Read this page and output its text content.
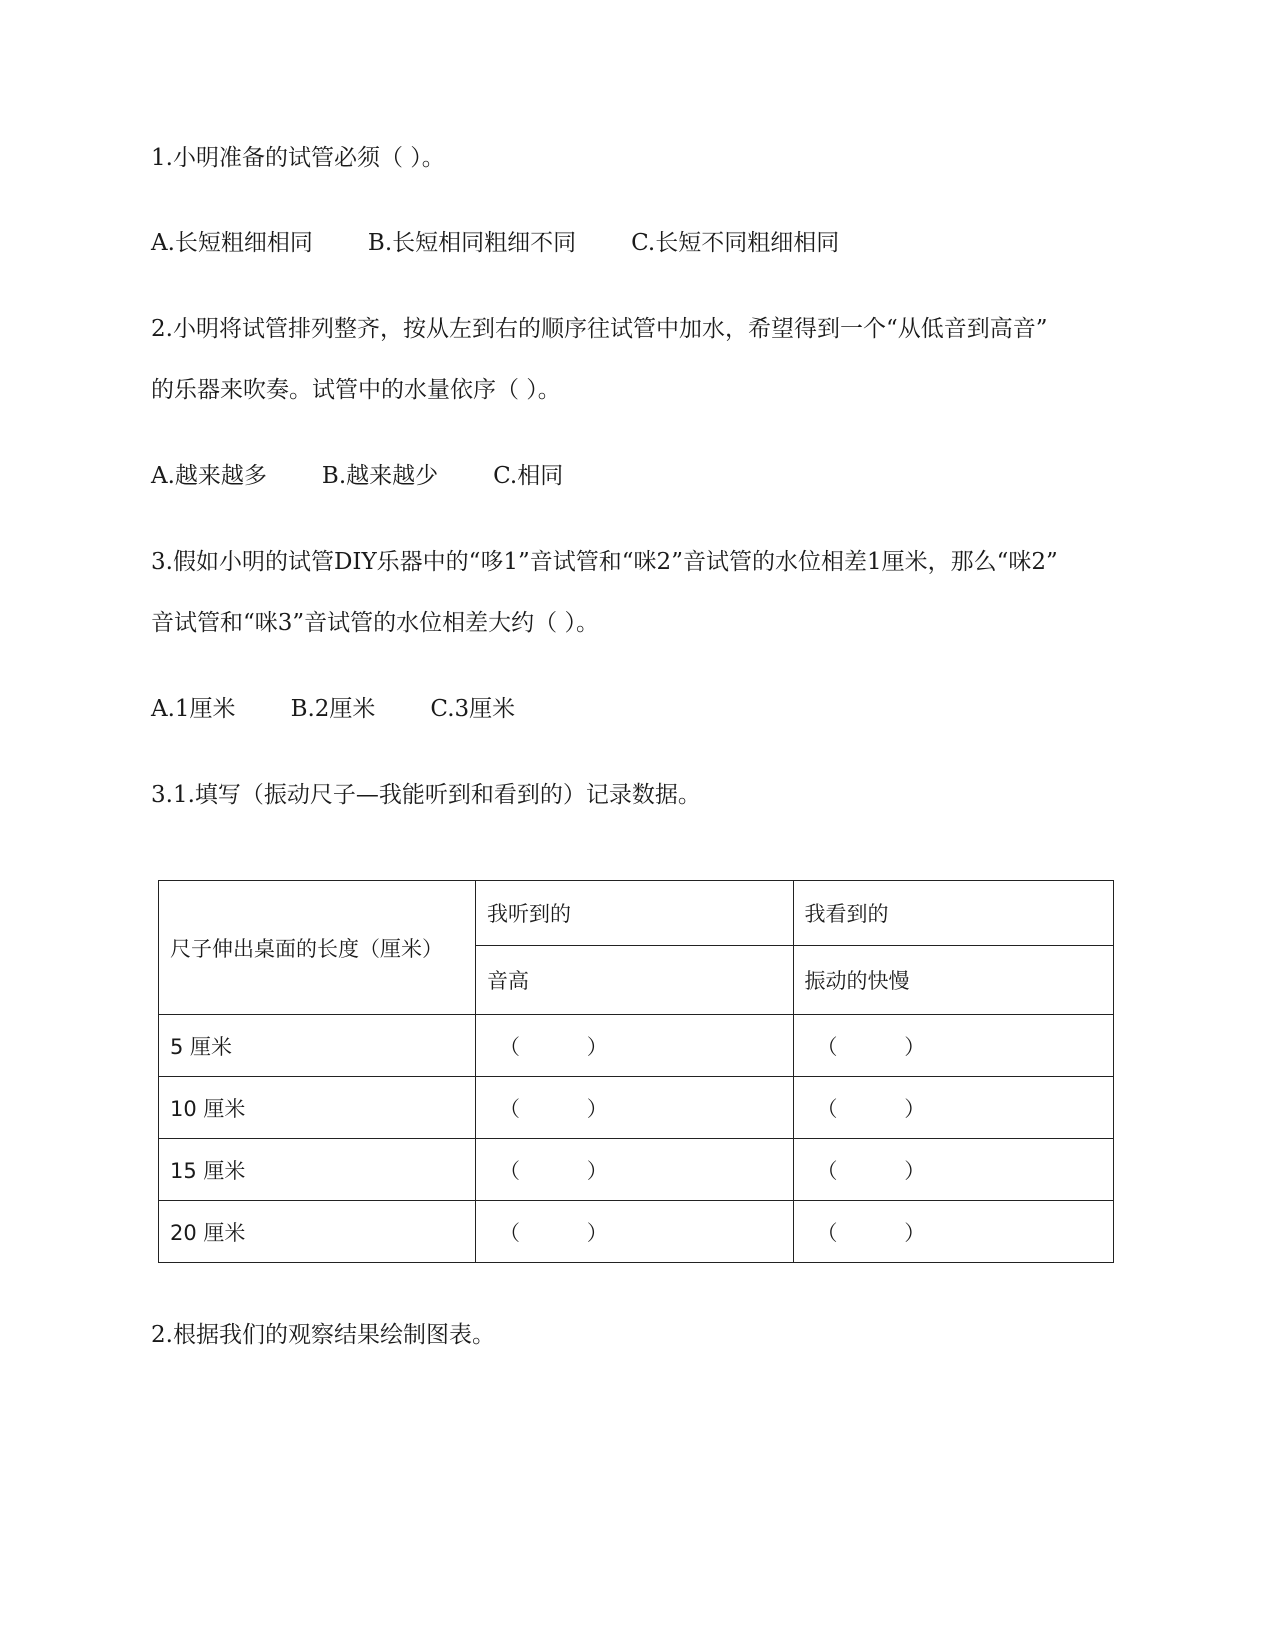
1.小明准备的试管必须（ ）。
A.长短粗细相同 B.长短相同粗细不同 C.长短不同粗细相同
2.小明将试管排列整齐，按从左到右的顺序往试管中加水，希望得到一个“从低音到高音”
的乐器来吹奏。试管中的水量依序（ ）。
A.越来越多 B.越来越少 C.相同
3.假如小明的试管DIY乐器中的“哆1”音试管和“咪2”音试管的水位相差1厘米，那么“咪2”
音试管和“咪3”音试管的水位相差大约（ ）。
A.1厘米 B.2厘米 C.3厘米
3.1.填写（振动尺子—我能听到和看到的）记录数据。
尺子伸出桌面的长度（厘米）	我听到的	我看到的
	音高	振动的快慢
5 厘米	（          ）	（          ）
10 厘米	（          ）	（          ）
15 厘米	（          ）	（          ）
20 厘米	（          ）	（          ）
2.根据我们的观察结果绘制图表。
